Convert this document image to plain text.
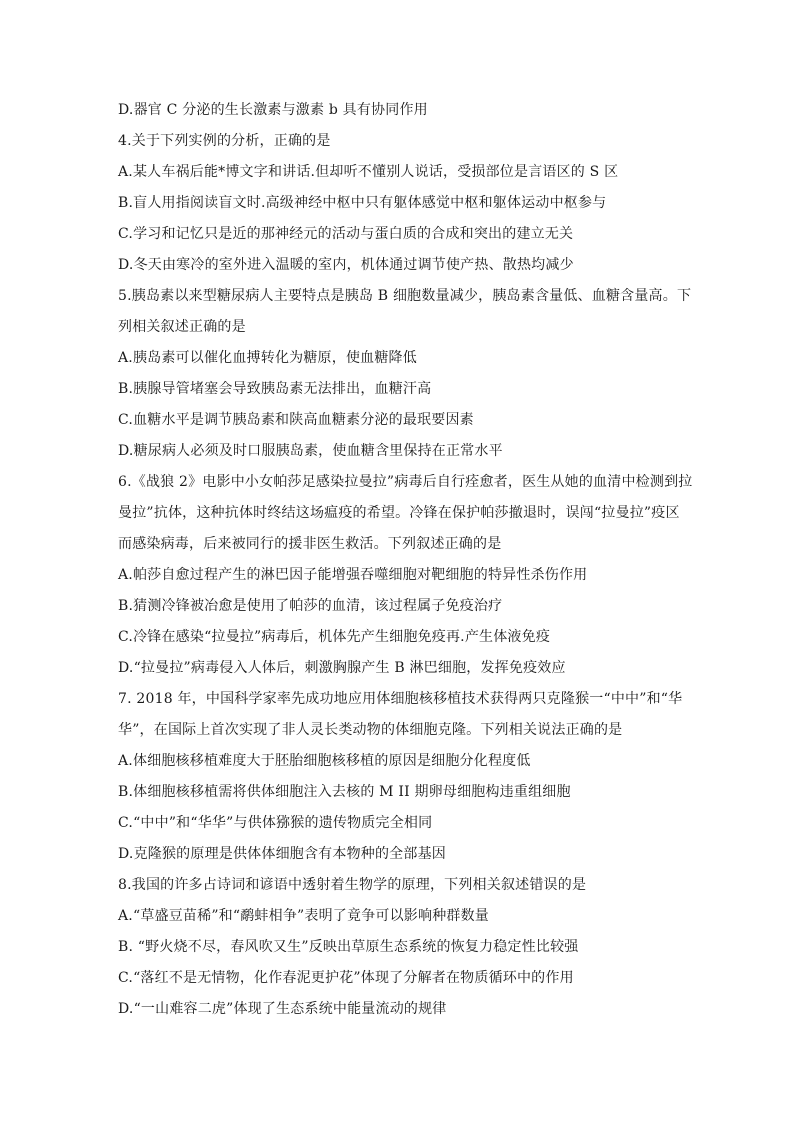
D.器官 C 分泌的生长激素与激素 b 具有协同作用
4.关于下列实例的分析，正确的是
A.某人车祸后能*博文字和讲话.但却听不懂别人说话，受损部位是言语区的 S 区
B.盲人用指阅读盲文时.高级神经中枢中只有躯体感觉中枢和躯体运动中枢参与
C.学习和记忆只是近的那神经元的活动与蛋白质的合成和突出的建立无关
D.冬天由寒冷的室外进入温暖的室内，机体通过调节使产热、散热均减少
5.胰岛素以来型糖尿病人主要特点是胰岛 B 细胞数量减少，胰岛素含量低、血糖含量高。下
列相关叙述正确的是
A.胰岛素可以催化血搏转化为糖原，使血糖降低
B.胰腺导管堵塞会导致胰岛素无法排出，血糖汗高
C.血糖水平是调节胰岛素和陕高血糖素分泌的最珉要因素
D.糖尿病人必须及时口服胰岛素，使血糖含里保持在正常水平
6.《战狼 2》电影中小女帕莎足感染拉曼拉”病毒后自行痊愈者，医生从她的血清中检测到拉
曼拉”抗体，这种抗体时终结这场瘟疫的希望。冷锋在保护帕莎撤退时，误闯“拉曼拉”疫区
而感染病毒，后来被同行的援非医生救活。下列叙述正确的是
A.帕莎自愈过程产生的淋巴因子能增强吞噬细胞对靶细胞的特异性杀伤作用
B.猜测冷锋被冶愈是使用了帕莎的血清，该过程属子免疫治疗
C.冷锋在感染“拉曼拉”病毒后，机体先产生细胞免疫再.产生体液免疫
D.“拉曼拉”病毒侵入人体后，刺激胸腺产生 B 淋巴细胞，发挥免疫效应
7. 2018 年，中国科学家率先成功地应用体细胞核移植技术获得两只克隆猴一“中中”和“华
华”，在国际上首次实现了非人灵长类动物的体细胞克隆。下列相关说法正确的是
A.体细胞核移植难度大于胚胎细胞核移植的原因是细胞分化程度低
B.体细胞核移植需将供体细胞注入去核的 M II 期卵母细胞构违重组细胞
C.“中中”和“华华”与供体猕猴的遗传物质完全相同
D.克隆猴的原理是供体体细胞含有本物种的全部基因
8.我国的许多占诗词和谚语中透射着生物学的原理，下列相关叙述错误的是
A.“草盛豆苗稀”和“鹬蚌相争”表明了竟争可以影响种群数量
B. “野火烧不尽，春风吹又生”反映出草原生态系统的恢复力稳定性比较强
C.“落红不是无情物，化作春泥更护花”体现了分解者在物质循环中的作用
D.“一山难容二虎”体现了生态系统中能量流动的规律
